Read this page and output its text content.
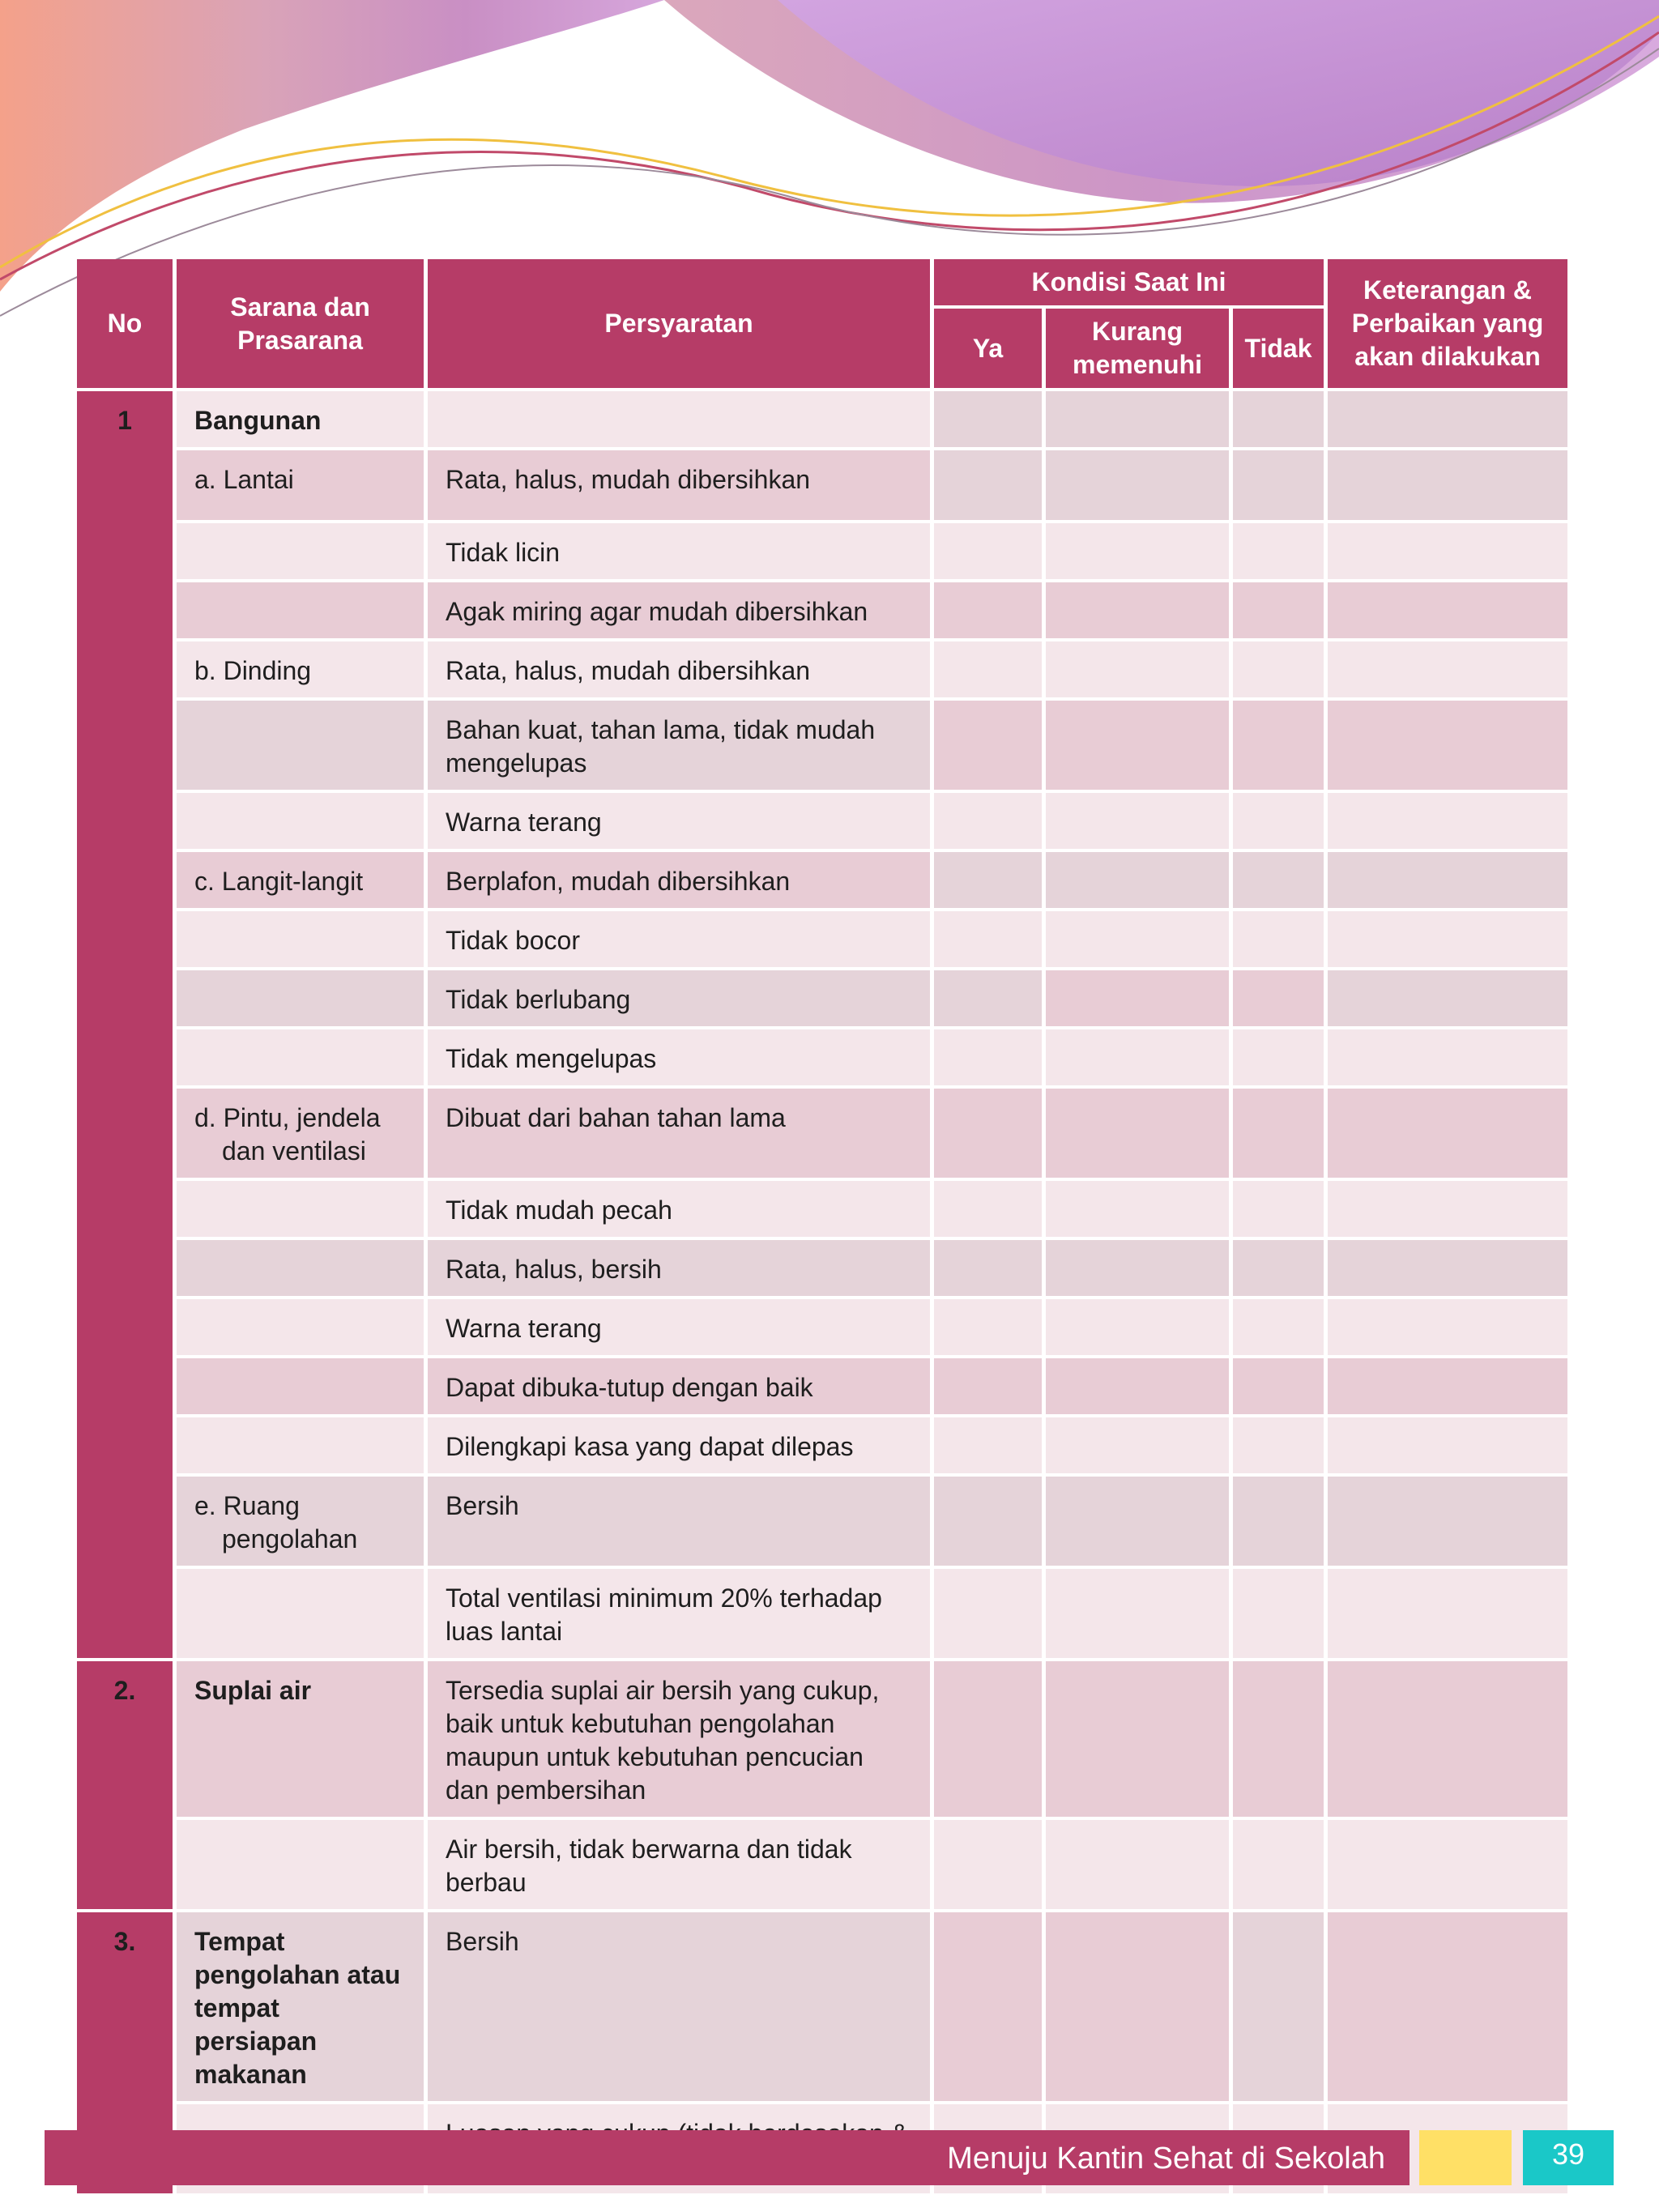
No	Sarana dan Prasarana	Persyaratan	Kondisi Saat Ini			Keterangan & Perbaikan yang akan dilakukan
			Ya	Kurang memenuhi	Tidak	
1	Bangunan					
	a. Lantai	Rata, halus, mudah dibersihkan				
		Tidak licin				
		Agak miring agar mudah dibersihkan				
	b. Dinding	Rata, halus, mudah dibersihkan				
		Bahan kuat, tahan lama, tidak mudah mengelupas				
		Warna terang				
	c. Langit-langit	Berplafon, mudah dibersihkan				
		Tidak bocor				
		Tidak berlubang				
		Tidak mengelupas				
	d. Pintu, jendela
dan ventilasi	Dibuat dari bahan tahan lama				
		Tidak mudah pecah				
		Rata, halus, bersih				
		Warna terang				
		Dapat dibuka-tutup dengan baik				
		Dilengkapi kasa yang dapat dilepas				
	e. Ruang
pengolahan	Bersih				
		Total ventilasi minimum 20% terhadap luas lantai				
2.	Suplai air	Tersedia suplai air bersih yang cukup, baik untuk kebutuhan pengolahan maupun untuk kebutuhan pencucian dan pembersihan				
		Air bersih, tidak berwarna dan tidak berbau				
3.	Tempat pengolahan atau tempat persiapan makanan	Bersih				

Menuju Kantin Sehat di Sekolah	39
